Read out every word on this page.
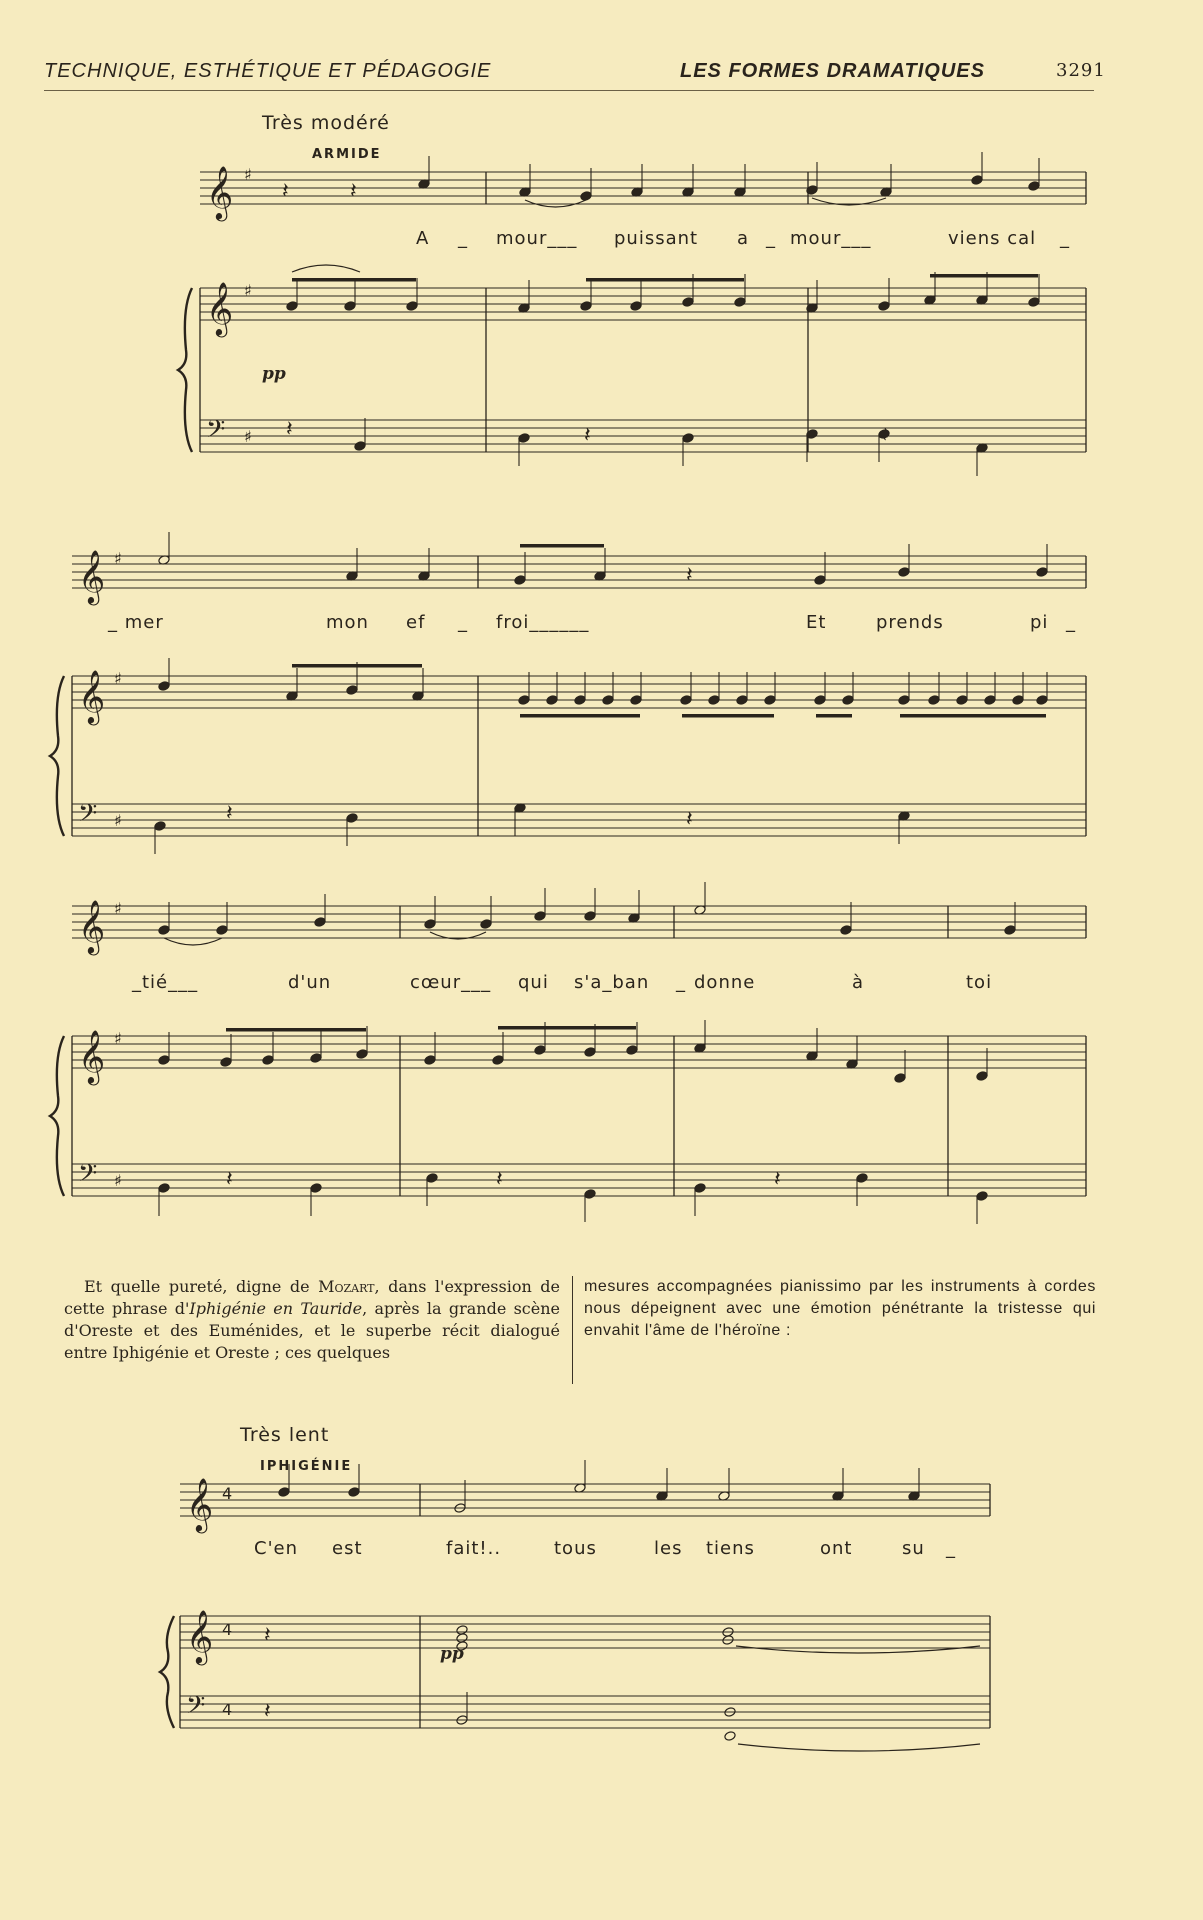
TECHNIQUE, ESTHÉTIQUE ET PÉDAGOGIE	LES FORMES DRAMATIQUES	3291
Très modéré
ARMIDE
pp
A _ mour___ puissant a _ mour___	viens cal _
_ mer	mon ef _ froi______	Et	prends	pi _
_tié___	d'un	cœur___ qui s'a_ban _ donne	à	toi

Et quelle pureté, digne de Mozart, dans l'expression de cette phrase d'Iphigénie en Tauride, après la grande scène d'Oreste et des Euménides, et le superbe récit dialogué entre Iphigénie et Oreste ; ces quelques

mesures accompagnées pianissimo par les instruments à cordes nous dépeignent avec une émotion pénétrante la tristesse qui envahit l'âme de l'héroïne :

Très lent
IPHIGÉNIE
pp
C'en est	fait!..	tous	les tiens	ont	su _
4
4
4
𝄞
𝄞
𝄢
♯
♯
♯
𝄽	𝄽
𝄽	𝄽	𝄽
𝄞
𝄞
𝄢
♯
♯
♯
𝄽
𝄽	𝄽
𝄞
𝄞
𝄢
♯
♯
♯	𝄽	𝄽	𝄽
𝄞
𝄞
𝄢
𝄽
𝄽
